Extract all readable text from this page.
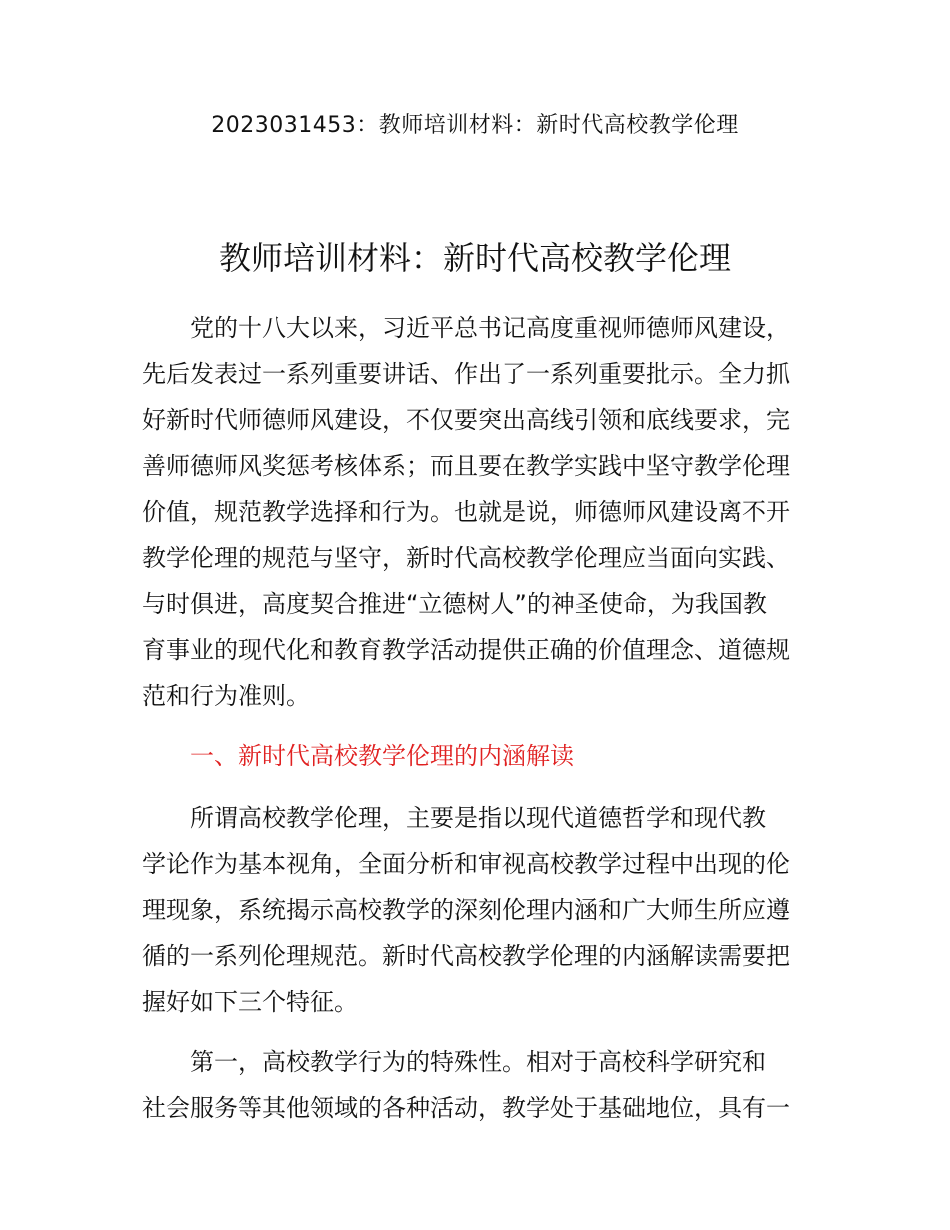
2023031453：教师培训材料：新时代高校教学伦理
教师培训材料：新时代高校教学伦理
党的十八大以来，习近平总书记高度重视师德师风建设，
先后发表过一系列重要讲话、作出了一系列重要批示。全力抓
好新时代师德师风建设，不仅要突出高线引领和底线要求，完
善师德师风奖惩考核体系；而且要在教学实践中坚守教学伦理
价值，规范教学选择和行为。也就是说，师德师风建设离不开
教学伦理的规范与坚守，新时代高校教学伦理应当面向实践、
与时俱进，高度契合推进“立德树人”的神圣使命，为我国教
育事业的现代化和教育教学活动提供正确的价值理念、道德规
范和行为准则。
一、新时代高校教学伦理的内涵解读
所谓高校教学伦理，主要是指以现代道德哲学和现代教
学论作为基本视角，全面分析和审视高校教学过程中出现的伦
理现象，系统揭示高校教学的深刻伦理内涵和广大师生所应遵
循的一系列伦理规范。新时代高校教学伦理的内涵解读需要把
握好如下三个特征。
第一，高校教学行为的特殊性。相对于高校科学研究和
社会服务等其他领域的各种活动，教学处于基础地位，具有一
